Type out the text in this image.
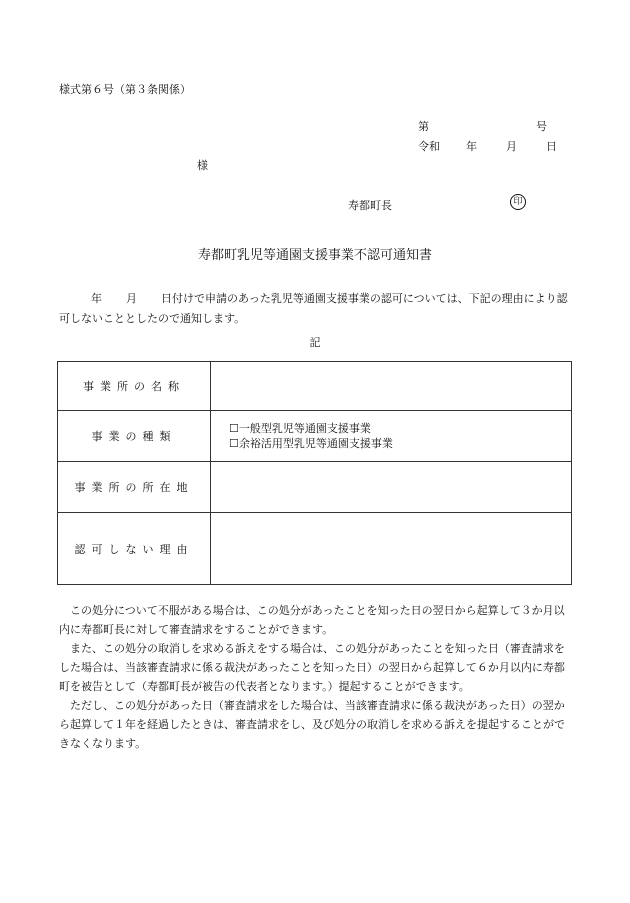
様式第６号（第３条関係）
第	号
令和 年	月	日
様
寿都町長	印
寿都町乳児等通園支援事業不認可通知書
年 月 日付けで申請のあった乳児等通園支援事業の認可については、下記の理由により認可しないこととしたので通知します。
記
事業所の名称	
事業の種類	☐一般型乳児等通園支援事業
☐余裕活用型乳児等通園支援事業

事業所の所在地	
認可しない理由	

この処分について不服がある場合は、この処分があったことを知った日の翌日から起算して３か月以内に寿都町長に対して審査請求をすることができます。

また、この処分の取消しを求める訴えをする場合は、この処分があったことを知った日（審査請求をした場合は、当該審査請求に係る裁決があったことを知った日）の翌日から起算して６か月以内に寿都町を被告として（寿都町長が被告の代表者となります。）提起することができます。

ただし、この処分があった日（審査請求をした場合は、当該審査請求に係る裁決があった日）の翌から起算して１年を経過したときは、審査請求をし、及び処分の取消しを求める訴えを提起することができなくなります。
